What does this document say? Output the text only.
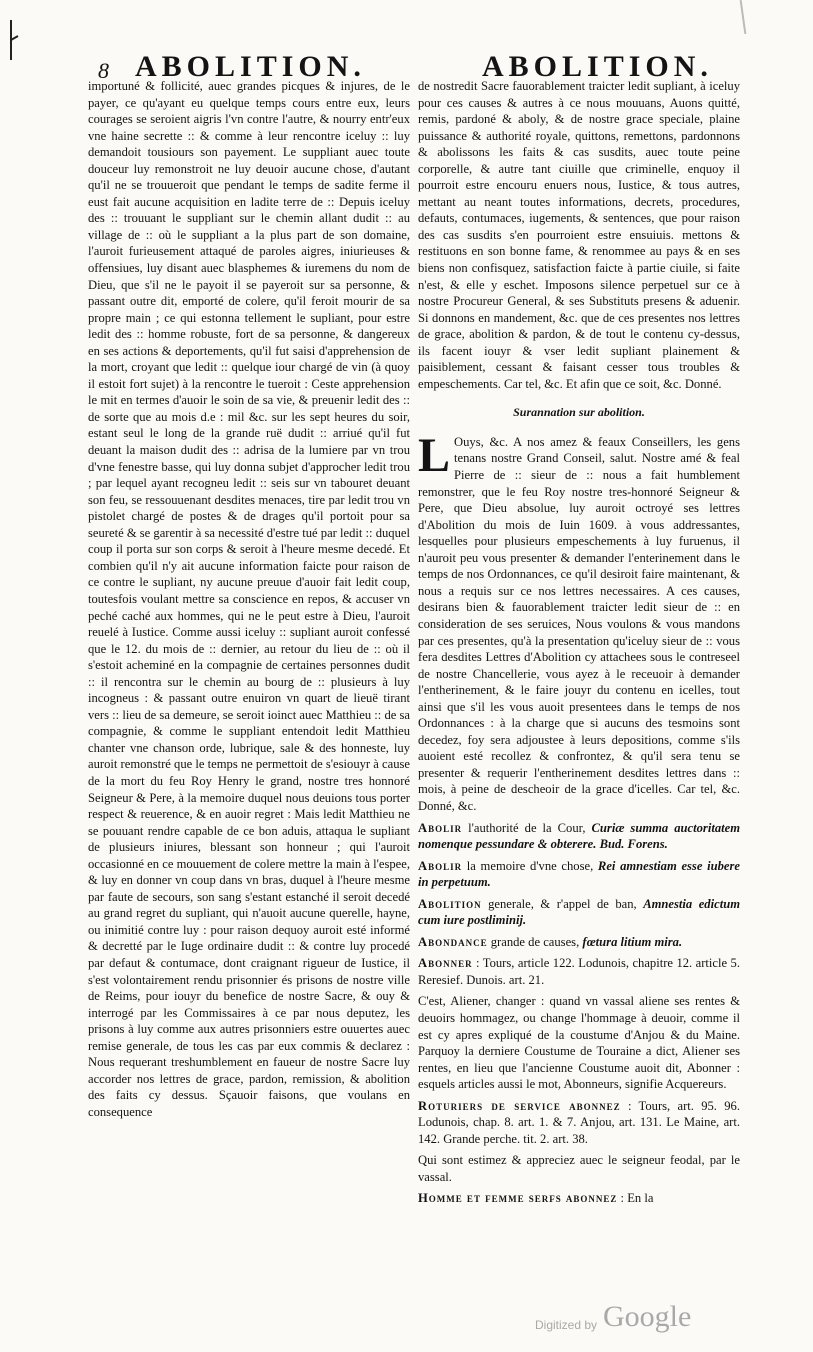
8 ABOLITION.	ABOLITION.

importuné & follicité, auec grandes picques & injures, de le payer, ce qu'ayant eu quelque temps cours entre eux, leurs courages se seroient aigris l'vn contre l'autre, & nourry entr'eux vne haine secrette :: & comme à leur rencontre iceluy :: luy demandoit tousiours son payement. Le suppliant auec toute douceur luy remonstroit ne luy deuoir aucune chose, d'autant qu'il ne se trouueroit que pendant le temps de sadite ferme il eust fait aucune acquisition en ladite terre de :: Depuis iceluy des :: trouuant le suppliant sur le chemin allant dudit :: au village de :: où le suppliant a la plus part de son domaine, l'auroit furieusement attaqué de paroles aigres, iniurieuses & offensiues, luy disant auec blasphemes & iuremens du nom de Dieu, que s'il ne le payoit il se payeroit sur sa personne, & passant outre dit, emporté de colere, qu'il feroit mourir de sa propre main ; ce qui estonna tellement le supliant, pour estre ledit des :: homme robuste, fort de sa personne, & dangereux en ses actions & deportements, qu'il fut saisi d'apprehension de la mort, croyant que ledit :: quelque iour chargé de vin (à quoy il estoit fort sujet) à la rencontre le tueroit : Ceste apprehension le mit en termes d'auoir le soin de sa vie, & preuenir ledit des :: de sorte que au mois d.e : mil &c. sur les sept heures du soir, estant seul le long de la grande ruë dudit :: arriué qu'il fut deuant la maison dudit des :: adrisa de la lumiere par vn trou d'vne fenestre basse, qui luy donna subjet d'approcher ledit trou ; par lequel ayant recogneu ledit :: seis sur vn tabouret deuant son feu, se ressouuenant desdites menaces, tire par ledit trou vn pistolet chargé de postes & de drages qu'il portoit pour sa seureté & se garentir à sa necessité d'estre tué par ledit :: duquel coup il porta sur son corps & seroit à l'heure mesme decedé. Et combien qu'il n'y ait aucune information faicte pour raison de ce contre le supliant, ny aucune preuue d'auoir fait ledit coup, toutesfois voulant mettre sa conscience en repos, & accuser vn peché caché aux hommes, qui ne le peut estre à Dieu, l'auroit reuelé à Iustice. Comme aussi iceluy :: supliant auroit confessé que le 12. du mois de :: dernier, au retour du lieu de :: où il s'estoit acheminé en la compagnie de certaines personnes dudit :: il rencontra sur le chemin au bourg de :: plusieurs à luy incogneus : & passant outre enuiron vn quart de lieuë tirant vers :: lieu de sa demeure, se seroit ioinct auec Matthieu :: de sa compagnie, & comme le suppliant entendoit ledit Matthieu chanter vne chanson orde, lubrique, sale & des honneste, luy auroit remonstré que le temps ne permettoit de s'esiouyr à cause de la mort du feu Roy Henry le grand, nostre tres honnoré Seigneur & Pere, à la memoire duquel nous deuions tous porter respect & reuerence, & en auoir regret : Mais ledit Matthieu ne se pouuant rendre capable de ce bon aduis, attaqua le supliant de plusieurs iniures, blessant son honneur ; qui l'auroit occasionné en ce mouuement de colere mettre la main à l'espee, & luy en donner vn coup dans vn bras, duquel à l'heure mesme par faute de secours, son sang s'estant estanché il seroit decedé au grand regret du supliant, qui n'auoit aucune querelle, hayne, ou inimitié contre luy : pour raison dequoy auroit esté informé & decretté par le Iuge ordinaire dudit :: & contre luy procedé par defaut & contumace, dont craignant rigueur de Iustice, il s'est volontairement rendu prisonnier és prisons de nostre ville de Reims, pour iouyr du benefice de nostre Sacre, & ouy & interrogé par les Commissaires à ce par nous deputez, les prisons à luy comme aux autres prisonniers estre ouuertes auec remise generale, de tous les cas par eux commis & declarez : Nous requerant treshumblement en faueur de nostre Sacre luy accorder nos lettres de grace, pardon, remission, & abolition des faits cy dessus. Sçauoir faisons, que voulans en consequence

de nostredit Sacre fauorablement traicter ledit supliant, à iceluy pour ces causes & autres à ce nous mouuans, Auons quitté, remis, pardoné & aboly, & de nostre grace speciale, plaine puissance & authorité royale, quittons, remettons, pardonnons & abolissons les faits & cas susdits, auec toute peine corporelle, & autre tant ciuille que criminelle, enquoy il pourroit estre encouru enuers nous, Iustice, & tous autres, mettant au neant toutes informations, decrets, procedures, defauts, contumaces, iugements, & sentences, que pour raison des cas susdits s'en pourroient estre ensuiuis. mettons & restituons en son bonne fame, & renommee au pays & en ses biens non confisquez, satisfaction faicte à partie ciuile, si faite n'est, & elle y eschet. Imposons silence perpetuel sur ce à nostre Procureur General, & ses Substituts presens & aduenir. Si donnons en mandement, &c. que de ces presentes nos lettres de grace, abolition & pardon, & de tout le contenu cy-dessus, ils facent iouyr & vser ledit supliant plainement & paisiblement, cessant & faisant cesser tous troubles & empeschements. Car tel, &c. Et afin que ce soit, &c. Donné.

Surannation sur abolition.

L Ouys, &c. A nos amez & feaux Conseillers, les gens tenans nostre Grand Conseil, salut. Nostre amé & feal Pierre de :: sieur de :: nous a fait humblement remonstrer, que le feu Roy nostre tres-honnoré Seigneur & Pere, que Dieu absolue, luy auroit octroyé ses lettres d'Abolition du mois de Iuin 1609. à vous addressantes, lesquelles pour plusieurs empeschements à luy furuenus, il n'auroit peu vous presenter & demander l'enterinement dans le temps de nos Ordonnances, ce qu'il desiroit faire maintenant, & nous a requis sur ce nos lettres necessaires. A ces causes, desirans bien & fauorablement traicter ledit sieur de :: en consideration de ses seruices, Nous voulons & vous mandons par ces presentes, qu'à la presentation qu'iceluy sieur de :: vous fera desdites Lettres d'Abolition cy attachees sous le contreseel de nostre Chancellerie, vous ayez à le receuoir à demander l'entherinement, & le faire jouyr du contenu en icelles, tout ainsi que s'il les vous auoit presentees dans le temps de nos Ordonnances : à la charge que si aucuns des tesmoins sont decedez, foy sera adjoustee à leurs depositions, comme s'ils auoient esté recollez & confrontez, & qu'il sera tenu se presenter & requerir l'entherinement desdites lettres dans :: mois, à peine de descheoir de la grace d'icelles. Car tel, &c. Donné, &c.

Abolir l'authorité de la Cour, Curiæ summa auctoritatem nomenque pessundare & obterere. Bud. Forens.

Abolir la memoire d'vne chose, Rei amnestiam esse iubere in perpetuum.

Abolition generale, & r'appel de ban, Amnestia edictum cum iure postliminij.

Abondance grande de causes, fœtura litium mira.

Abonner : Tours, article 122. Lodunois, chapitre 12. article 5. Reresief. Dunois. art. 21.

C'est, Aliener, changer : quand vn vassal aliene ses rentes & deuoirs hommagez, ou change l'hommage à deuoir, comme il est cy apres expliqué de la coustume d'Anjou & du Maine. Parquoy la derniere Coustume de Touraine a dict, Aliener ses rentes, en lieu que l'ancienne Coustume auoit dit, Abonner : esquels articles aussi le mot, Abonneurs, signifie Acquereurs.

Roturiers de service abonnez : Tours, art. 95. 96. Lodunois, chap. 8. art. 1. & 7. Anjou, art. 131. Le Maine, art. 142. Grande perche. tit. 2. art. 38.

Qui sont estimez & appreciez auec le seigneur feodal, par le vassal.

Homme et femme serfs abonnez : En la

Digitized by Google
